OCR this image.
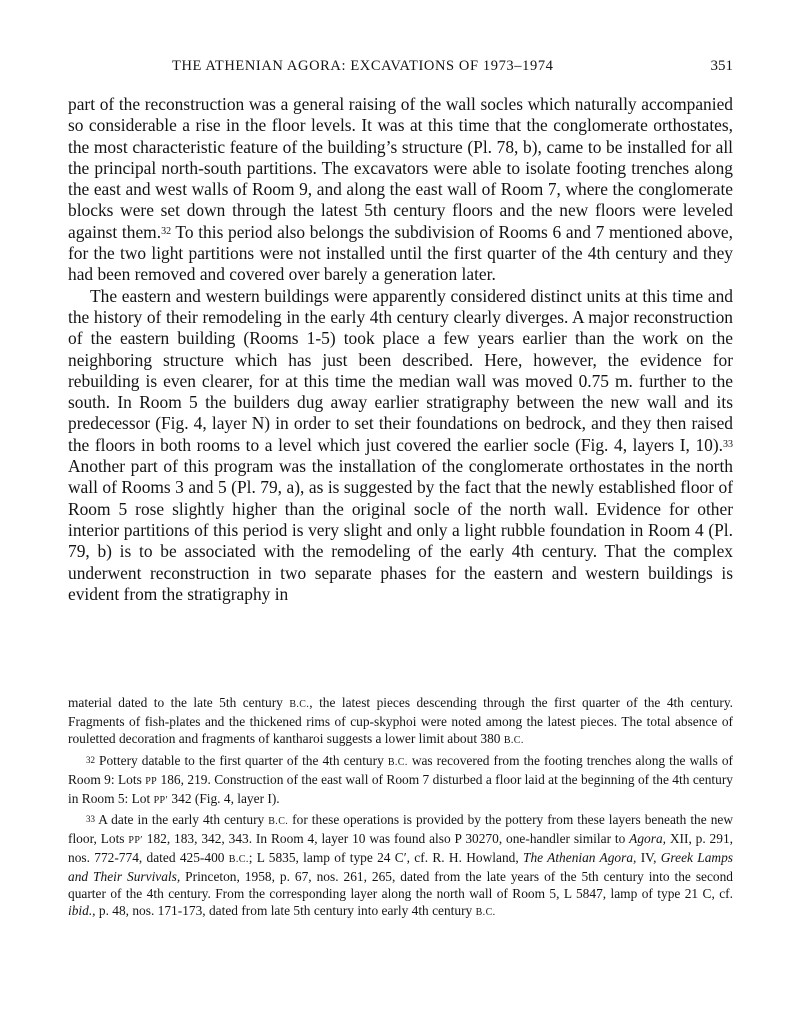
THE ATHENIAN AGORA: EXCAVATIONS OF 1973–1974	351

part of the reconstruction was a general raising of the wall socles which naturally accompanied so considerable a rise in the floor levels. It was at this time that the conglomerate orthostates, the most characteristic feature of the building’s structure (Pl. 78, b), came to be installed for all the principal north-south partitions. The excavators were able to isolate footing trenches along the east and west walls of Room 9, and along the east wall of Room 7, where the conglomerate blocks were set down through the latest 5th century floors and the new floors were leveled against them.$^{32}$ To this period also belongs the subdivision of Rooms 6 and 7 mentioned above, for the two light partitions were not installed until the first quarter of the 4th century and they had been removed and covered over barely a generation later.

The eastern and western buildings were apparently considered distinct units at this time and the history of their remodeling in the early 4th century clearly diverges. A major reconstruction of the eastern building (Rooms 1-5) took place a few years earlier than the work on the neighboring structure which has just been described. Here, however, the evidence for rebuilding is even clearer, for at this time the median wall was moved 0.75 m. further to the south. In Room 5 the builders dug away earlier stratigraphy between the new wall and its predecessor (Fig. 4, layer N) in order to set their foundations on bedrock, and they then raised the floors in both rooms to a level which just covered the earlier socle (Fig. 4, layers I, 10).$^{33}$ Another part of this program was the installation of the conglomerate orthostates in the north wall of Rooms 3 and 5 (Pl. 79, a), as is suggested by the fact that the newly established floor of Room 5 rose slightly higher than the original socle of the north wall. Evidence for other interior partitions of this period is very slight and only a light rubble foundation in Room 4 (Pl. 79, b) is to be associated with the remodeling of the early 4th century. That the complex underwent reconstruction in two separate phases for the eastern and western buildings is evident from the stratigraphy in

material dated to the late 5th century B.C., the latest pieces descending through the first quarter of the 4th century. Fragments of fish-plates and the thickened rims of cup-skyphoi were noted among the latest pieces. The total absence of rouletted decoration and fragments of kantharoi suggests a lower limit about 380 B.C.

$^{32}$ Pottery datable to the first quarter of the 4th century B.C. was recovered from the footing trenches along the walls of Room 9: Lots PP 186, 219. Construction of the east wall of Room 7 disturbed a floor laid at the beginning of the 4th century in Room 5: Lot PP′ 342 (Fig. 4, layer I).

$^{33}$ A date in the early 4th century B.C. for these operations is provided by the pottery from these layers beneath the new floor, Lots PP′ 182, 183, 342, 343. In Room 4, layer 10 was found also P 30270, one-handler similar to Agora, XII, p. 291, nos. 772-774, dated 425-400 B.C.; L 5835, lamp of type 24 C′, cf. R. H. Howland, The Athenian Agora, IV, Greek Lamps and Their Survivals, Princeton, 1958, p. 67, nos. 261, 265, dated from the late years of the 5th century into the second quarter of the 4th century. From the corresponding layer along the north wall of Room 5, L 5847, lamp of type 21 C, cf. ibid., p. 48, nos. 171-173, dated from late 5th century into early 4th century B.C.
